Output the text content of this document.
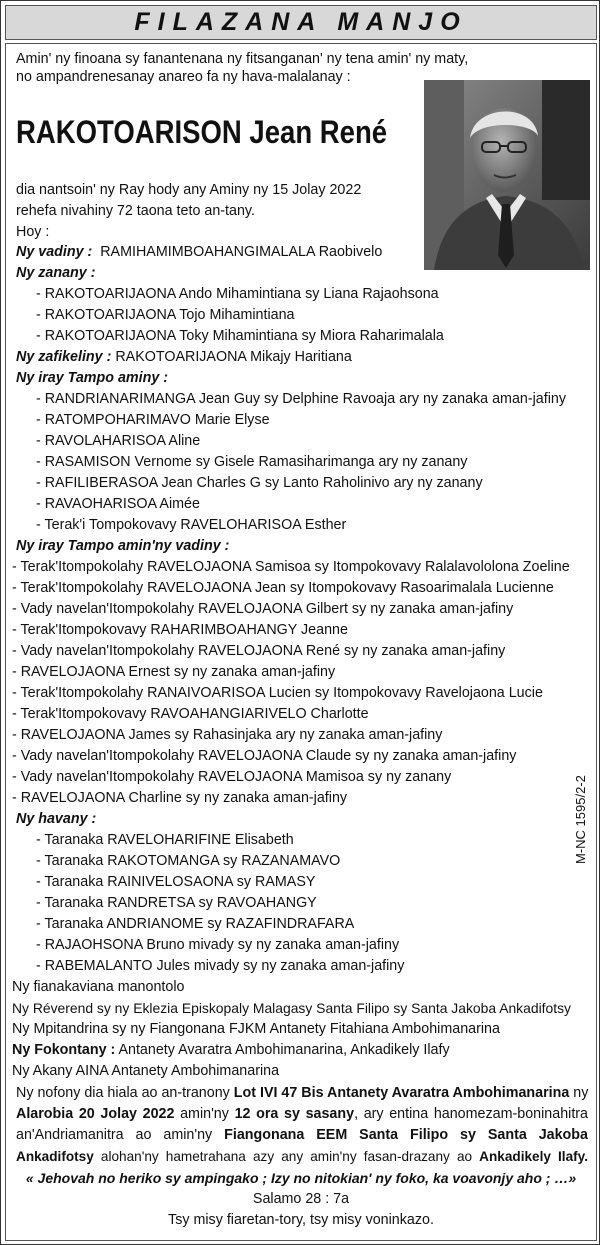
FILAZANA MANJO
Amin' ny finoana sy fanantenana ny fitsanganan' ny tena amin' ny maty,
no ampandrenesanay anareo fa ny hava-malalanay :
RAKOTOARISON Jean René
dia nantsoin' ny Ray hody any Aminy ny 15 Jolay 2022
rehefa nivahiny 72 taona teto an-tany.
Hoy :
Ny vadiny : RAMIHAMIMBOAHANGIMALALA Raobivelo
Ny zanany :
- RAKOTOARIJAONA Ando Mihamintiana sy Liana Rajaohsona
- RAKOTOARIJAONA Tojo Mihamintiana
- RAKOTOARIJAONA Toky Mihamintiana sy Miora Raharimalala
Ny zafikeliny : RAKOTOARIJAONA Mikajy Haritiana
Ny iray Tampo aminy :
- RANDRIANARIMANGA Jean Guy sy Delphine Ravoaja ary ny zanaka aman-jafiny
- RATOMPOHARIMAVO Marie Elyse
- RAVOLAHARISOA Aline
- RASAMISON Vernome sy Gisele Ramasiharimanga ary ny zanany
- RAFILIBERASOA Jean Charles G sy Lanto Raholinivo ary ny zanany
- RAVAOHARISOA Aimée
- Terak'i Tompokovavy RAVELOHARISOA Esther
Ny iray Tampo amin'ny vadiny :
- Terak'Itompokolahy RAVELOJAONA Samisoa sy Itompokovavy Ralalavololona Zoeline
- Terak'Itompokolahy RAVELOJAONA Jean sy Itompokovavy Rasoarimalala Lucienne
- Vady navelan'Itompokolahy RAVELOJAONA Gilbert sy ny zanaka aman-jafiny
- Terak'Itompokovavy RAHARIMBOAHANGY Jeanne
- Vady navelan'Itompokolahy RAVELOJAONA René sy ny zanaka aman-jafiny
- RAVELOJAONA Ernest sy ny zanaka aman-jafiny
- Terak'Itompokolahy RANAIVOARISOA Lucien sy Itompokovavy Ravelojaona Lucie
- Terak'Itompokovavy RAVOAHANGIARIVELO Charlotte
- RAVELOJAONA James sy Rahasinjaka ary ny zanaka aman-jafiny
- Vady navelan'Itompokolahy RAVELOJAONA Claude sy ny zanaka aman-jafiny
- Vady navelan'Itompokolahy RAVELOJAONA Mamisoa sy ny zanany
- RAVELOJAONA Charline sy ny zanaka aman-jafiny
Ny havany :
- Taranaka RAVELOHARIFINE Elisabeth
- Taranaka RAKOTOMANGA sy RAZANAMAVO
- Taranaka RAINIVELOSAONA sy RAMASY
- Taranaka RANDRETSA sy RAVOAHANGY
- Taranaka ANDRIANOME sy RAZAFINDRAFARA
- RAJAOHSONA Bruno mivady sy ny zanaka aman-jafiny
- RABEMALANTO Jules mivady sy ny zanaka aman-jafiny
Ny fianakaviana manontolo
Ny Réverend sy ny Eklezia Episkopaly Malagasy Santa Filipo sy Santa Jakoba Ankadifotsy
Ny Mpitandrina sy ny Fiangonana FJKM Antanety Fitahiana Ambohimanarina
Ny Fokontany : Antanety Avaratra Ambohimanarina, Ankadikely Ilafy
Ny Akany AINA Antanety Ambohimanarina
Ny nofony dia hiala ao an-tranony Lot IVI 47 Bis Antanety Avaratra Ambohimanarina ny
Alarobia 20 Jolay 2022 amin'ny 12 ora sy sasany, ary entina hanomezam-boninahitra
an'Andriamanitra ao amin'ny Fiangonana EEM Santa Filipo sy Santa Jakoba
Ankadifotsy alohan'ny hametrahana azy any amin'ny fasan-drazany ao Ankadikely Ilafy.
« Jehovah no heriko sy ampingako ; Izy no nitokian' ny foko, ka voavonjy aho ; …»
Salamo 28 : 7a
Tsy misy fiaretan-tory, tsy misy voninkazo.
M-NC 1595/2-2
